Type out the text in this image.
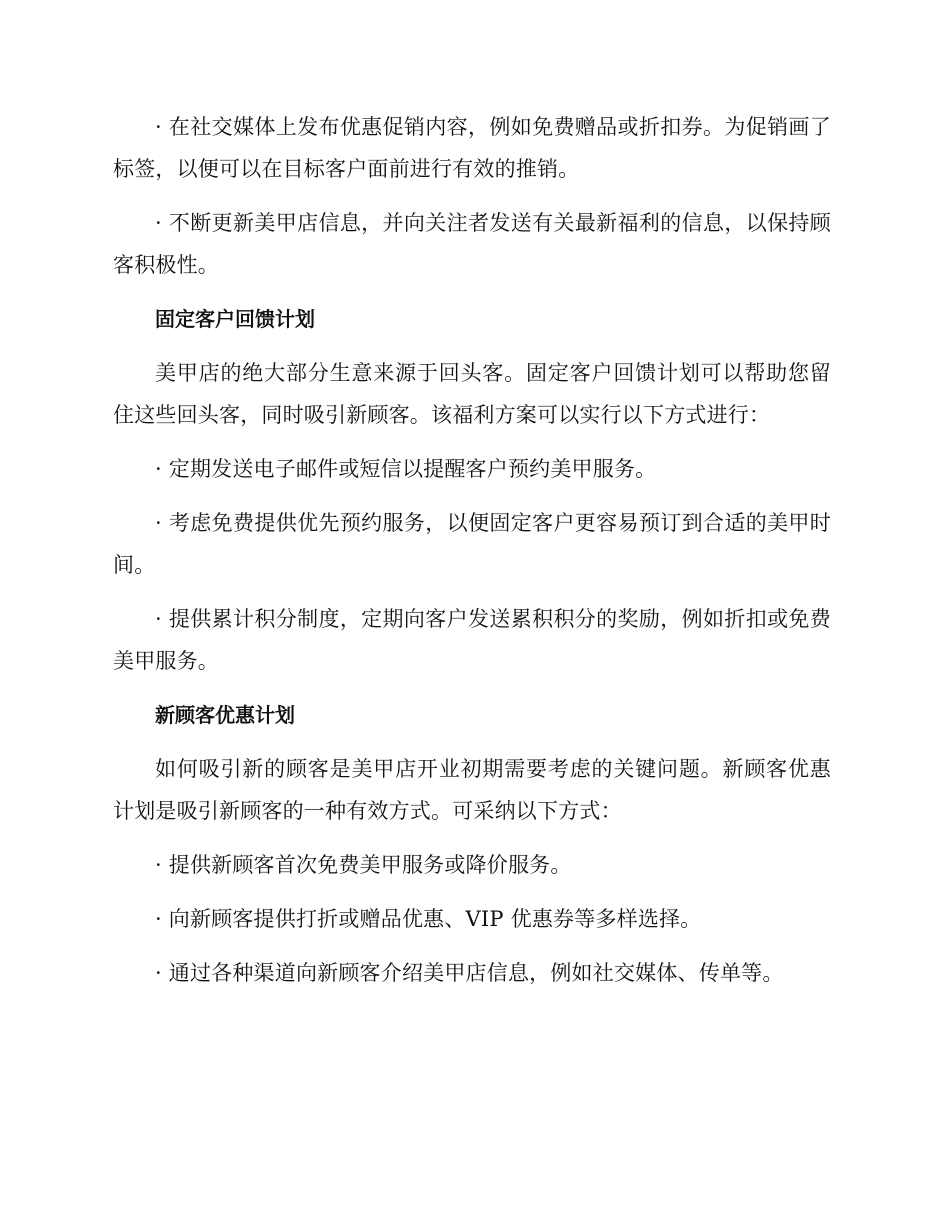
· 在社交媒体上发布优惠促销内容，例如免费赠品或折扣券。为促销画了标签，以便可以在目标客户面前进行有效的推销。

· 不断更新美甲店信息，并向关注者发送有关最新福利的信息，以保持顾客积极性。

固定客户回馈计划

美甲店的绝大部分生意来源于回头客。固定客户回馈计划可以帮助您留住这些回头客，同时吸引新顾客。该福利方案可以实行以下方式进行：

· 定期发送电子邮件或短信以提醒客户预约美甲服务。

· 考虑免费提供优先预约服务，以便固定客户更容易预订到合适的美甲时间。

· 提供累计积分制度，定期向客户发送累积积分的奖励，例如折扣或免费美甲服务。

新顾客优惠计划

如何吸引新的顾客是美甲店开业初期需要考虑的关键问题。新顾客优惠计划是吸引新顾客的一种有效方式。可采纳以下方式：

· 提供新顾客首次免费美甲服务或降价服务。

· 向新顾客提供打折或赠品优惠、VIP 优惠券等多样选择。

· 通过各种渠道向新顾客介绍美甲店信息，例如社交媒体、传单等。
